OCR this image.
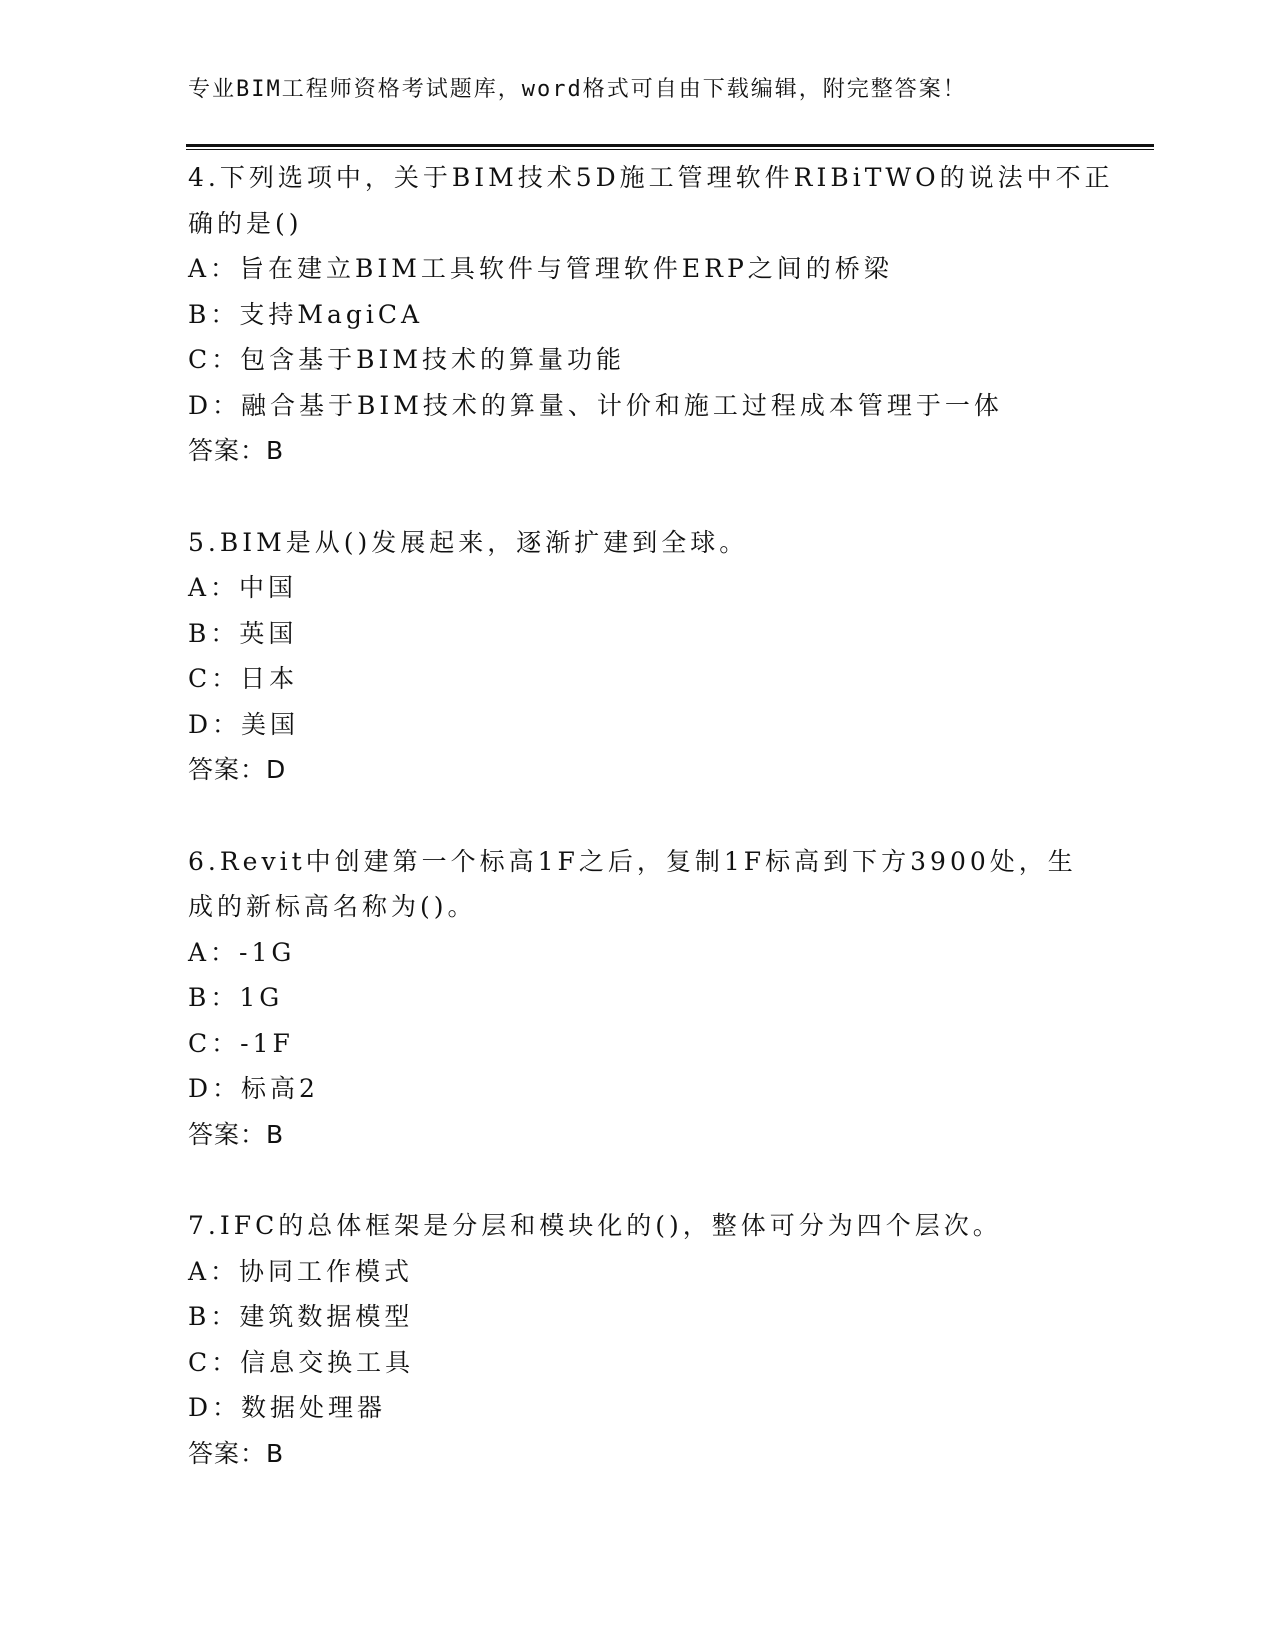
专业BIM工程师资格考试题库，word格式可自由下载编辑，附完整答案！
4.下列选项中，关于BIM技术5D施工管理软件RIBiTWO的说法中不正
确的是()
A：旨在建立BIM工具软件与管理软件ERP之间的桥梁
B：支持MagiCA
C：包含基于BIM技术的算量功能
D：融合基于BIM技术的算量、计价和施工过程成本管理于一体
答案：B
5.BIM是从()发展起来，逐渐扩建到全球。
A：中国
B：英国
C：日本
D：美国
答案：D
6.Revit中创建第一个标高1F之后，复制1F标高到下方3900处，生
成的新标高名称为()。
A：-1G
B：1G
C：-1F
D：标高2
答案：B
7.IFC的总体框架是分层和模块化的()，整体可分为四个层次。
A：协同工作模式
B：建筑数据模型
C：信息交换工具
D：数据处理器
答案：B
